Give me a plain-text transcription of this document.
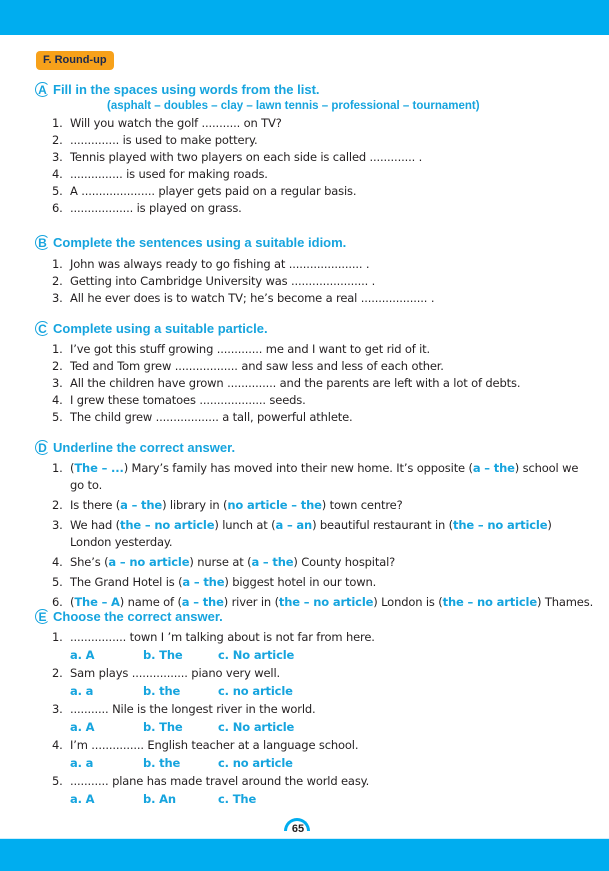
F. Round-up
A Fill in the spaces using words from the list.
(asphalt – doubles – clay – lawn tennis – professional – tournament)
1. Will you watch the golf ........... on TV?
2. .............. is used to make pottery.
3. Tennis played with two players on each side is called ............. .
4. ............... is used for making roads.
5. A ..................... player gets paid on a regular basis.
6. .................. is played on grass.
B Complete the sentences using a suitable idiom.
1. John was always ready to go fishing at ..................... .
2. Getting into Cambridge University was ...................... .
3. All he ever does is to watch TV; he’s become a real ................... .
C Complete using a suitable particle.
1. I’ve got this stuff growing ............. me and I want to get rid of it.
2. Ted and Tom grew .................. and saw less and less of each other.
3. All the children have grown .............. and the parents are left with a lot of debts.
4. I grew these tomatoes ................... seeds.
5. The child grew .................. a tall, powerful athlete.
D Underline the correct answer.
1. (The – ...) Mary’s family has moved into their new home. It’s opposite (a – the) school we go to.
2. Is there (a – the) library in (no article – the) town centre?
3. We had (the – no article) lunch at (a – an) beautiful restaurant in (the – no article) London yesterday.
4. She’s (a – no article) nurse at (a – the) County hospital?
5. The Grand Hotel is (a – the) biggest hotel in our town.
6. (The – A) name of (a – the) river in (the – no article) London is (the – no article) Thames.
E Choose the correct answer.
1. ................ town I ’m talking about is not far from here.
a. A	b. The	c. No article
2. Sam plays ................ piano very well.
a. a	b. the	c. no article
3. ........... Nile is the longest river in the world.
a. A	b. The	c. No article
4. I’m ............... English teacher at a language school.
a. a	b. the	c. no article
5. ........... plane has made travel around the world easy.
a. A	b. An	c. The
65
